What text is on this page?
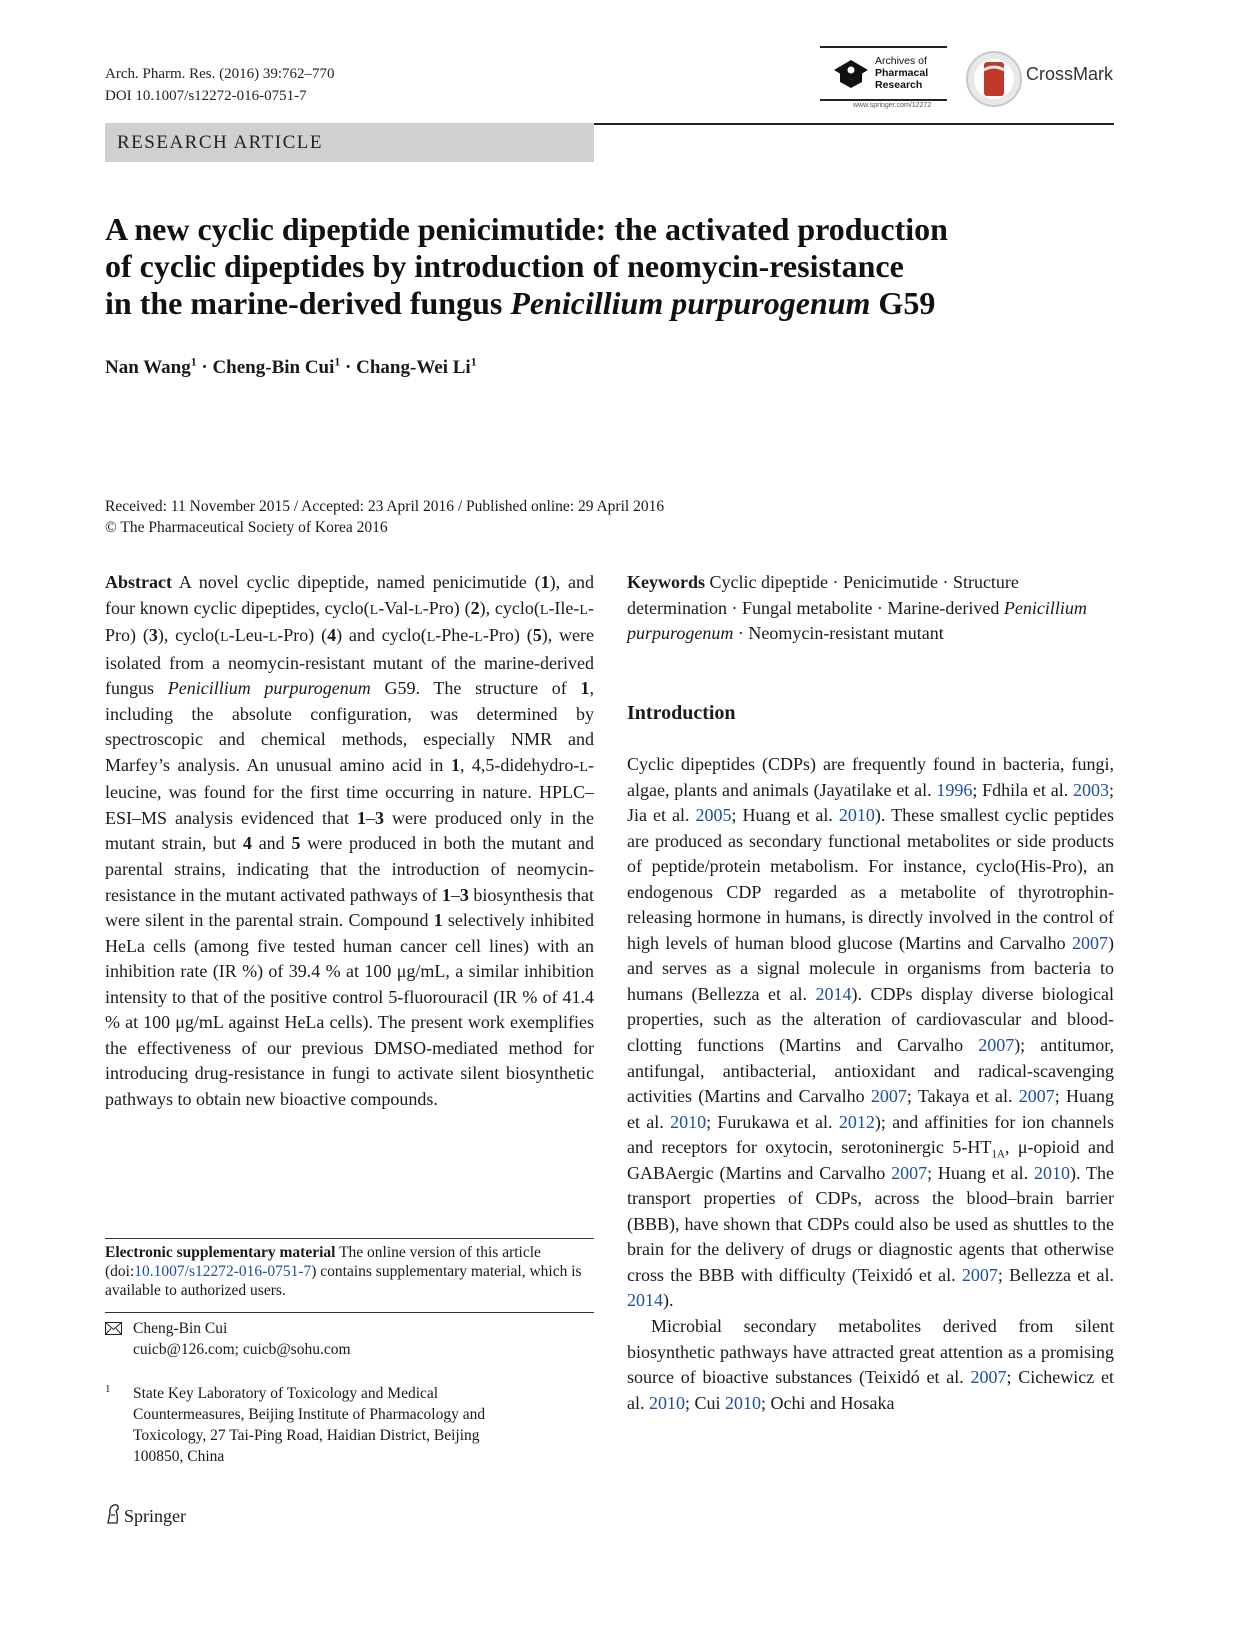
Arch. Pharm. Res. (2016) 39:762–770
DOI 10.1007/s12272-016-0751-7
Archives of
Pharmacal
Research
www.springer.com/12272
CrossMark
RESEARCH ARTICLE
A new cyclic dipeptide penicimutide: the activated production
of cyclic dipeptides by introduction of neomycin-resistance
in the marine-derived fungus Penicillium purpurogenum G59
Nan Wang$^1$ · Cheng-Bin Cui$^1$ · Chang-Wei Li$^1$
Received: 11 November 2015 / Accepted: 23 April 2016 / Published online: 29 April 2016
© The Pharmaceutical Society of Korea 2016

Abstract A novel cyclic dipeptide, named penicimutide (1), and four known cyclic dipeptides, cyclo(L-Val-L-Pro) (2), cyclo(L-Ile-L-Pro) (3), cyclo(L-Leu-L-Pro) (4) and cyclo(L-Phe-L-Pro) (5), were isolated from a neomycin-resistant mutant of the marine-derived fungus Penicillium purpurogenum G59. The structure of 1, including the absolute configuration, was determined by spectroscopic and chemical methods, especially NMR and Marfey’s analysis. An unusual amino acid in 1, 4,5-didehydro-L-leucine, was found for the first time occurring in nature. HPLC–ESI–MS analysis evidenced that 1–3 were produced only in the mutant strain, but 4 and 5 were produced in both the mutant and parental strains, indicating that the introduction of neomycin-resistance in the mutant activated pathways of 1–3 biosynthesis that were silent in the parental strain. Compound 1 selectively inhibited HeLa cells (among five tested human cancer cell lines) with an inhibition rate (IR %) of 39.4 % at 100 μg/mL, a similar inhibition intensity to that of the positive control 5-fluorouracil (IR % of 41.4 % at 100 μg/mL against HeLa cells). The present work exemplifies the effectiveness of our previous DMSO-mediated method for introducing drug-resistance in fungi to activate silent biosynthetic pathways to obtain new bioactive compounds.

Electronic supplementary material The online version of this article (doi:10.1007/s12272-016-0751-7) contains supplementary material, which is available to authorized users.
Cheng-Bin Cui
cuicb@126.com; cuicb@sohu.com
1 State Key Laboratory of Toxicology and Medical Countermeasures, Beijing Institute of Pharmacology and Toxicology, 27 Tai-Ping Road, Haidian District, Beijing 100850, China
Springer

Keywords Cyclic dipeptide · Penicimutide · Structure determination · Fungal metabolite · Marine-derived Penicillium purpurogenum · Neomycin-resistant mutant

Introduction

Cyclic dipeptides (CDPs) are frequently found in bacteria, fungi, algae, plants and animals (Jayatilake et al. 1996; Fdhila et al. 2003; Jia et al. 2005; Huang et al. 2010). These smallest cyclic peptides are produced as secondary functional metabolites or side products of peptide/protein metabolism. For instance, cyclo(His-Pro), an endogenous CDP regarded as a metabolite of thyrotrophin-releasing hormone in humans, is directly involved in the control of high levels of human blood glucose (Martins and Carvalho 2007) and serves as a signal molecule in organisms from bacteria to humans (Bellezza et al. 2014). CDPs display diverse biological properties, such as the alteration of cardiovascular and blood-clotting functions (Martins and Carvalho 2007); antitumor, antifungal, antibacterial, antioxidant and radical-scavenging activities (Martins and Carvalho 2007; Takaya et al. 2007; Huang et al. 2010; Furukawa et al. 2012); and affinities for ion channels and receptors for oxytocin, serotoninergic $5-HT_{1A}$, μ-opioid and GABAergic (Martins and Carvalho 2007; Huang et al. 2010). The transport properties of CDPs, across the blood–brain barrier (BBB), have shown that CDPs could also be used as shuttles to the brain for the delivery of drugs or diagnostic agents that otherwise cross the BBB with difficulty (Teixidó et al. 2007; Bellezza et al. 2014).

Microbial secondary metabolites derived from silent biosynthetic pathways have attracted great attention as a promising source of bioactive substances (Teixidó et al. 2007; Cichewicz et al. 2010; Cui 2010; Ochi and Hosaka
